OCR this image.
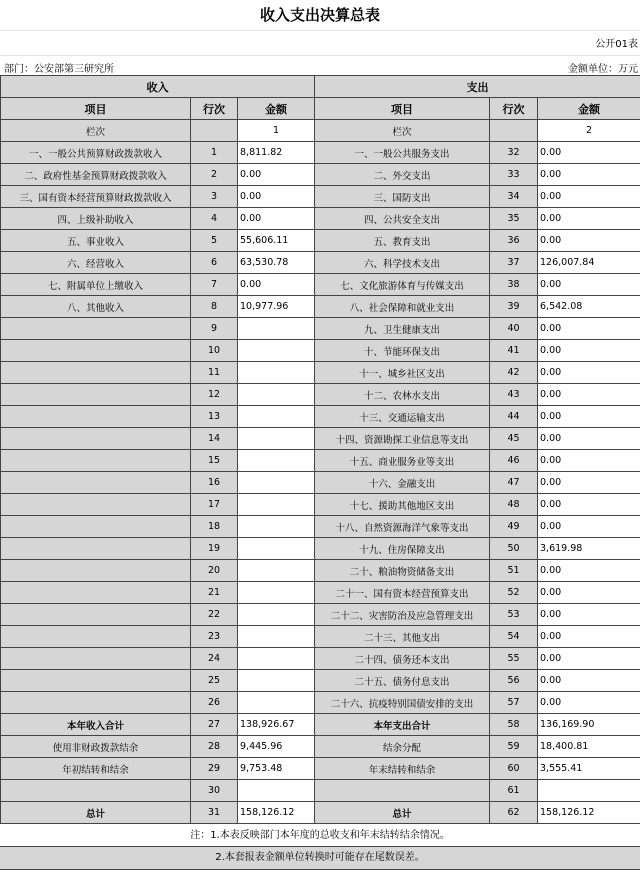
收入支出决算总表
公开01表
部门：公安部第三研究所	金额单位：万元
收入			支出		
项目	行次	金额	项目	行次	金额
栏次		1	栏次		2
一、一般公共预算财政拨款收入	1	8,811.82	一、一般公共服务支出	32	0.00
二、政府性基金预算财政拨款收入	2	0.00	二、外交支出	33	0.00
三、国有资本经营预算财政拨款收入	3	0.00	三、国防支出	34	0.00
四、上级补助收入	4	0.00	四、公共安全支出	35	0.00
五、事业收入	5	55,606.11	五、教育支出	36	0.00
六、经营收入	6	63,530.78	六、科学技术支出	37	126,007.84
七、附属单位上缴收入	7	0.00	七、文化旅游体育与传媒支出	38	0.00
八、其他收入	8	10,977.96	八、社会保障和就业支出	39	6,542.08
	9		九、卫生健康支出	40	0.00
	10		十、节能环保支出	41	0.00
	11		十一、城乡社区支出	42	0.00
	12		十二、农林水支出	43	0.00
	13		十三、交通运输支出	44	0.00
	14		十四、资源勘探工业信息等支出	45	0.00
	15		十五、商业服务业等支出	46	0.00
	16		十六、金融支出	47	0.00
	17		十七、援助其他地区支出	48	0.00
	18		十八、自然资源海洋气象等支出	49	0.00
	19		十九、住房保障支出	50	3,619.98
	20		二十、粮油物资储备支出	51	0.00
	21		二十一、国有资本经营预算支出	52	0.00
	22		二十二、灾害防治及应急管理支出	53	0.00
	23		二十三、其他支出	54	0.00
	24		二十四、债务还本支出	55	0.00
	25		二十五、债务付息支出	56	0.00
	26		二十六、抗疫特别国债安排的支出	57	0.00
本年收入合计	27	138,926.67	本年支出合计	58	136,169.90
使用非财政拨款结余	28	9,445.96	结余分配	59	18,400.81
年初结转和结余	29	9,753.48	年末结转和结余	60	3,555.41
	30			61	
总计	31	158,126.12	总计	62	158,126.12
注：1.本表反映部门本年度的总收支和年末结转结余情况。
2.本套报表金额单位转换时可能存在尾数误差。
